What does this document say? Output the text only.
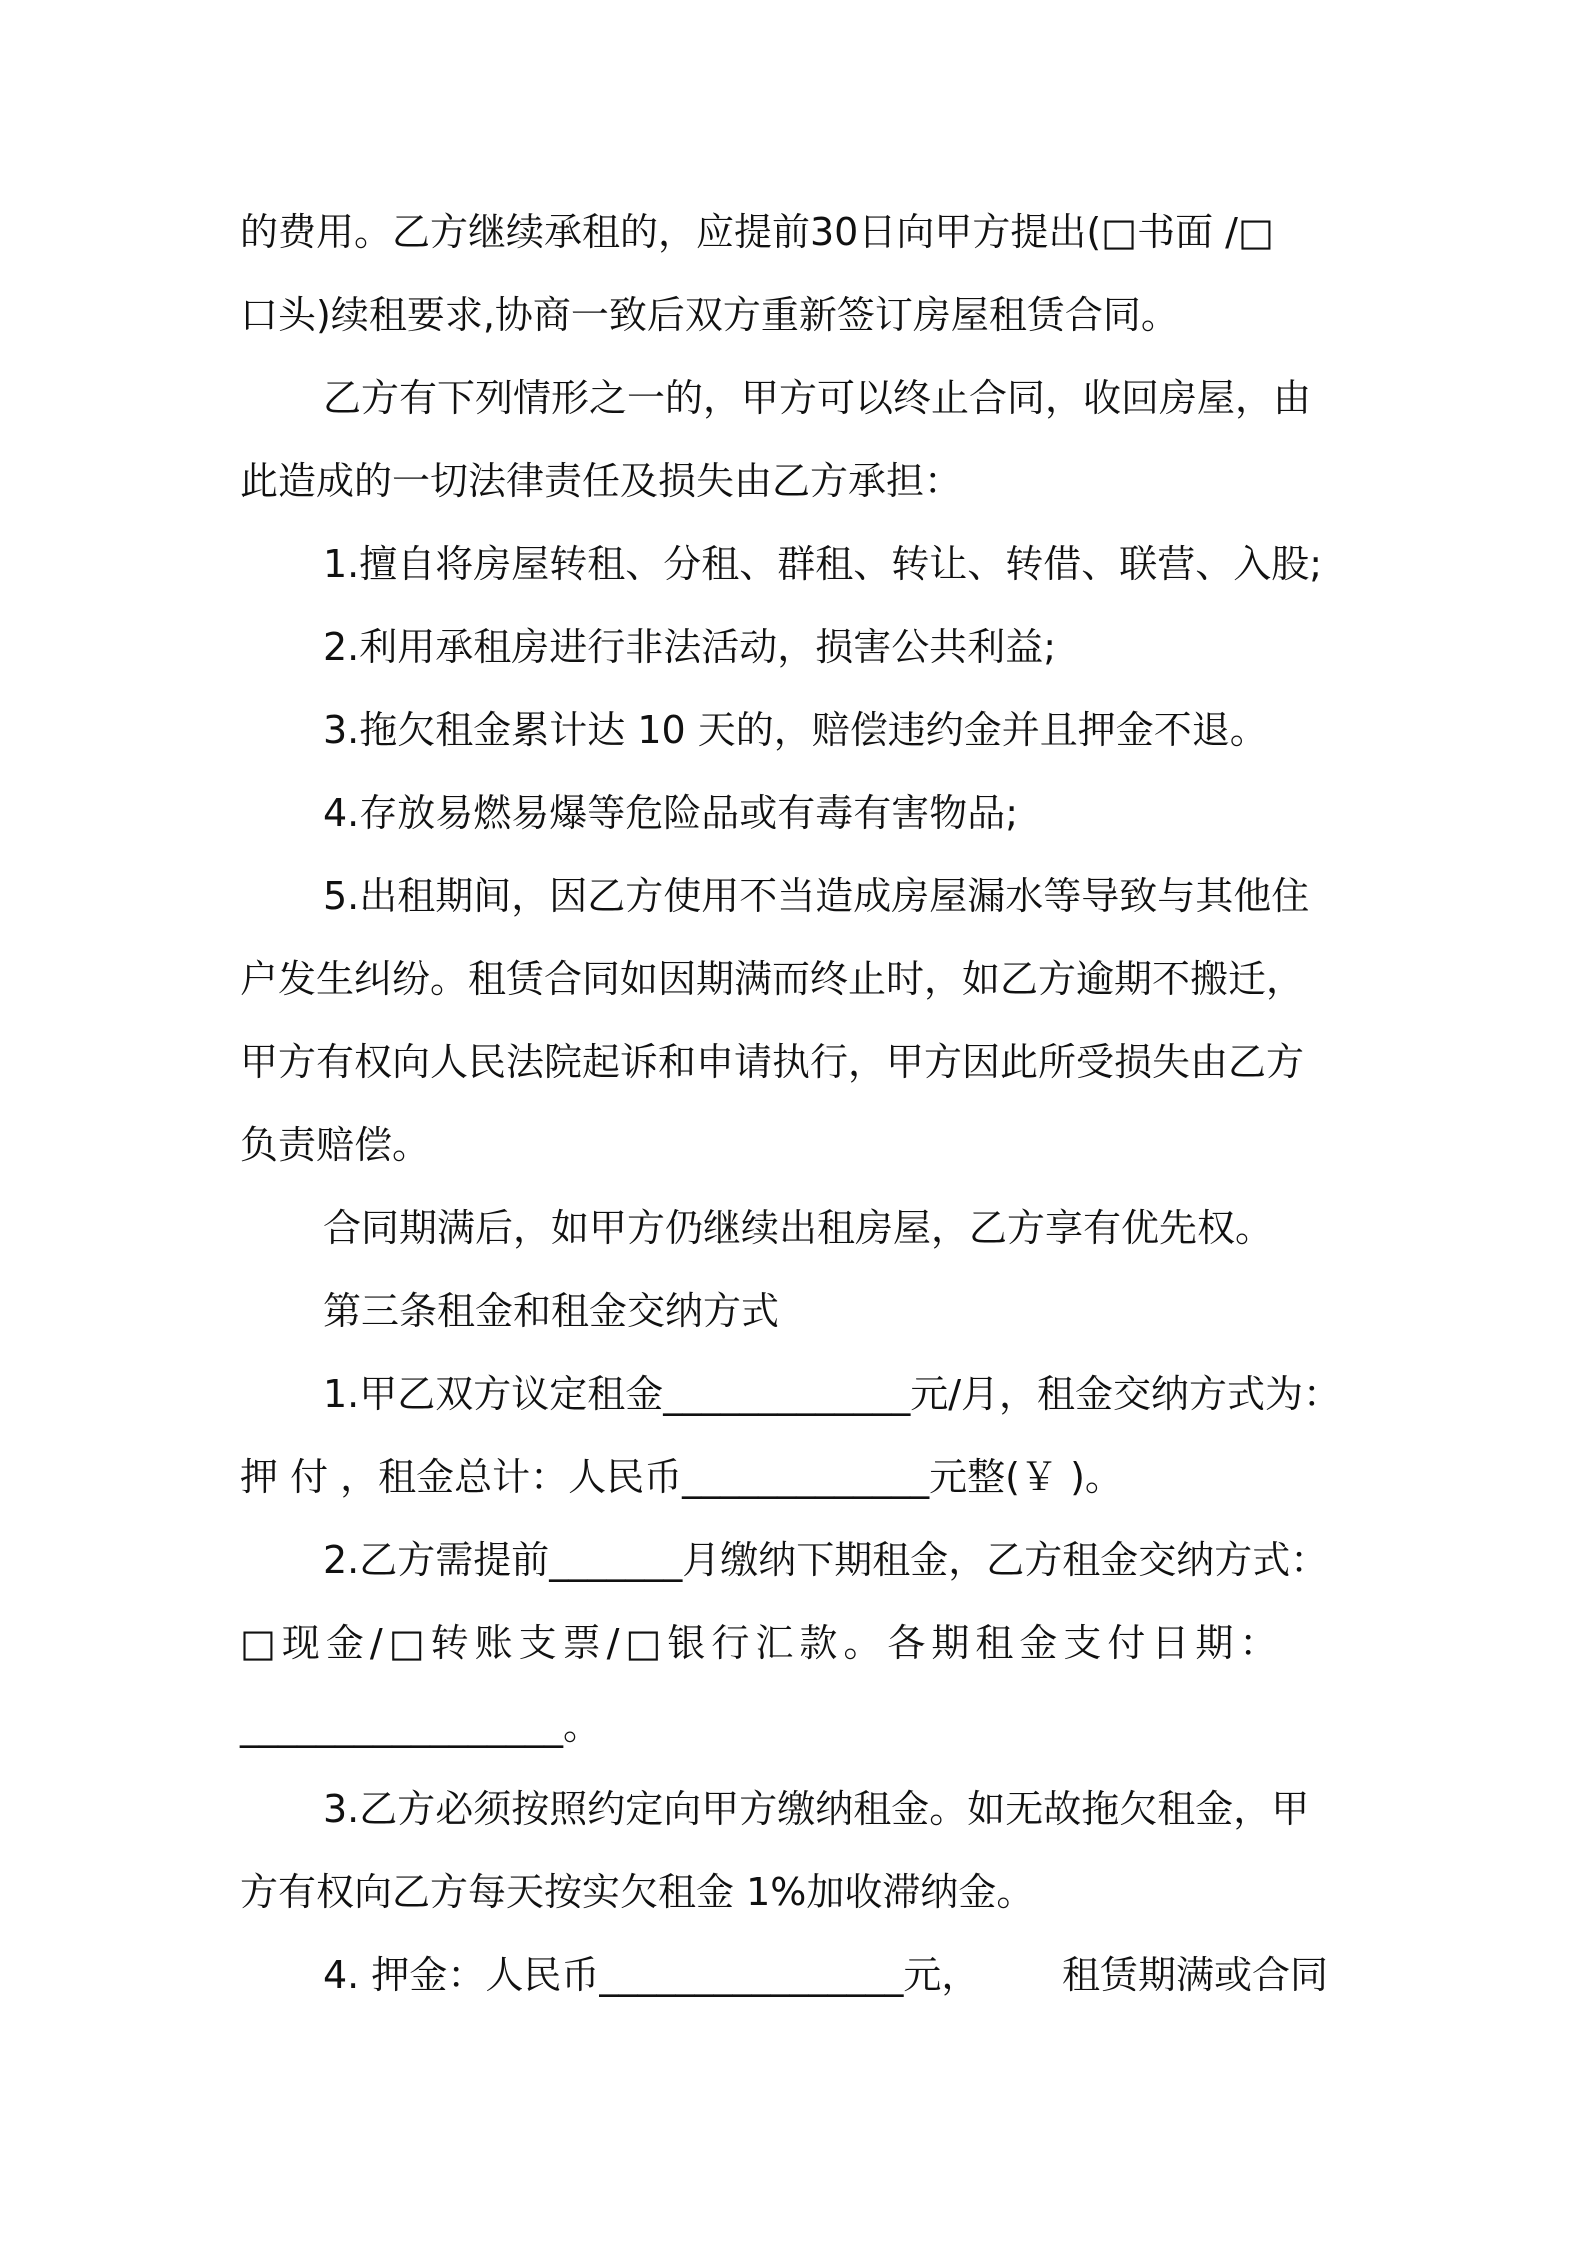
的费用。乙方继续承租的，应提前30日向甲方提出(□书面 /□
口头)续租要求,协商一致后双方重新签订房屋租赁合同。
乙方有下列情形之一的，甲方可以终止合同，收回房屋，由
此造成的一切法律责任及损失由乙方承担：
1.擅自将房屋转租、分租、群租、转让、转借、联营、入股;
2.利用承租房进行非法活动，损害公共利益;
3.拖欠租金累计达 10 天的，赔偿违约金并且押金不退。
4.存放易燃易爆等危险品或有毒有害物品;
5.出租期间，因乙方使用不当造成房屋漏水等导致与其他住
户发生纠纷。租赁合同如因期满而终止时，如乙方逾期不搬迁，
甲方有权向人民法院起诉和申请执行，甲方因此所受损失由乙方
负责赔偿。
合同期满后，如甲方仍继续出租房屋，乙方享有优先权。
第三条租金和租金交纳方式
1.甲乙双方议定租金_____________元/月，租金交纳方式为：
押 付 ，租金总计：人民币_____________元整(￥ )。
2.乙方需提前_______月缴纳下期租金，乙方租金交纳方式：
□现金/□转账支票/□银行汇款。各期租金支付日期：
_________________。
3.乙方必须按照约定向甲方缴纳租金。如无故拖欠租金，甲
方有权向乙方每天按实欠租金 1%加收滞纳金。

4. 押金：人民币________________元，

租赁期满或合同
